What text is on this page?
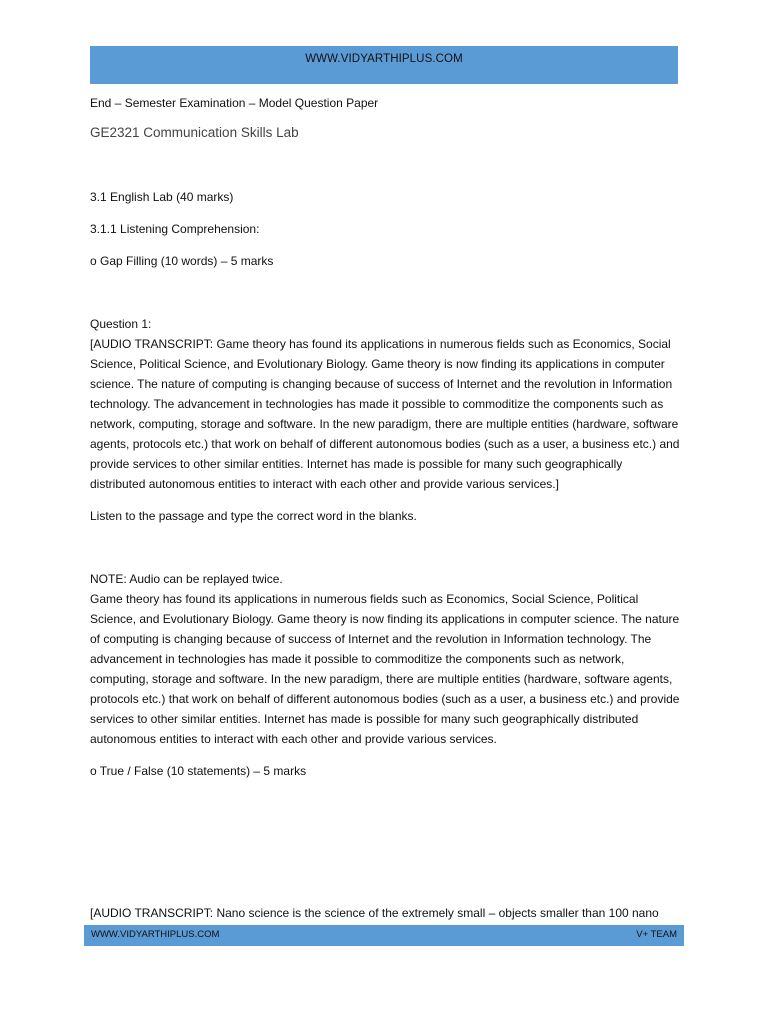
WWW.VIDYARTHIPLUS.COM

End – Semester Examination – Model Question Paper

GE2321 Communication Skills Lab

3.1 English Lab (40 marks)

3.1.1 Listening Comprehension:

o Gap Filling (10 words) – 5 marks

Question 1:

[AUDIO TRANSCRIPT: Game theory has found its applications in numerous fields such as Economics, Social Science, Political Science, and Evolutionary Biology. Game theory is now finding its applications in computer science. The nature of computing is changing because of success of Internet and the revolution in Information technology. The advancement in technologies has made it possible to commoditize the components such as network, computing, storage and software. In the new paradigm, there are multiple entities (hardware, software agents, protocols etc.) that work on behalf of different autonomous bodies (such as a user, a business etc.) and provide services to other similar entities. Internet has made is possible for many such geographically distributed autonomous entities to interact with each other and provide various services.]

Listen to the passage and type the correct word in the blanks.

NOTE: Audio can be replayed twice.

Game theory has found its applications in numerous fields such as Economics, Social Science, Political Science, and Evolutionary Biology. Game theory is now finding its applications in computer science. The nature of computing is changing because of success of Internet and the revolution in Information technology. The advancement in technologies has made it possible to commoditize the components such as network, computing, storage and software. In the new paradigm, there are multiple entities (hardware, software agents, protocols etc.) that work on behalf of different autonomous bodies (such as a user, a business etc.) and provide services to other similar entities. Internet has made is possible for many such geographically distributed autonomous entities to interact with each other and provide various services.

o True / False (10 statements) – 5 marks

[AUDIO TRANSCRIPT: Nano science is the science of the extremely small – objects smaller than 100 nano
WWW.VIDYARTHIPLUS.COM	V+ TEAM
